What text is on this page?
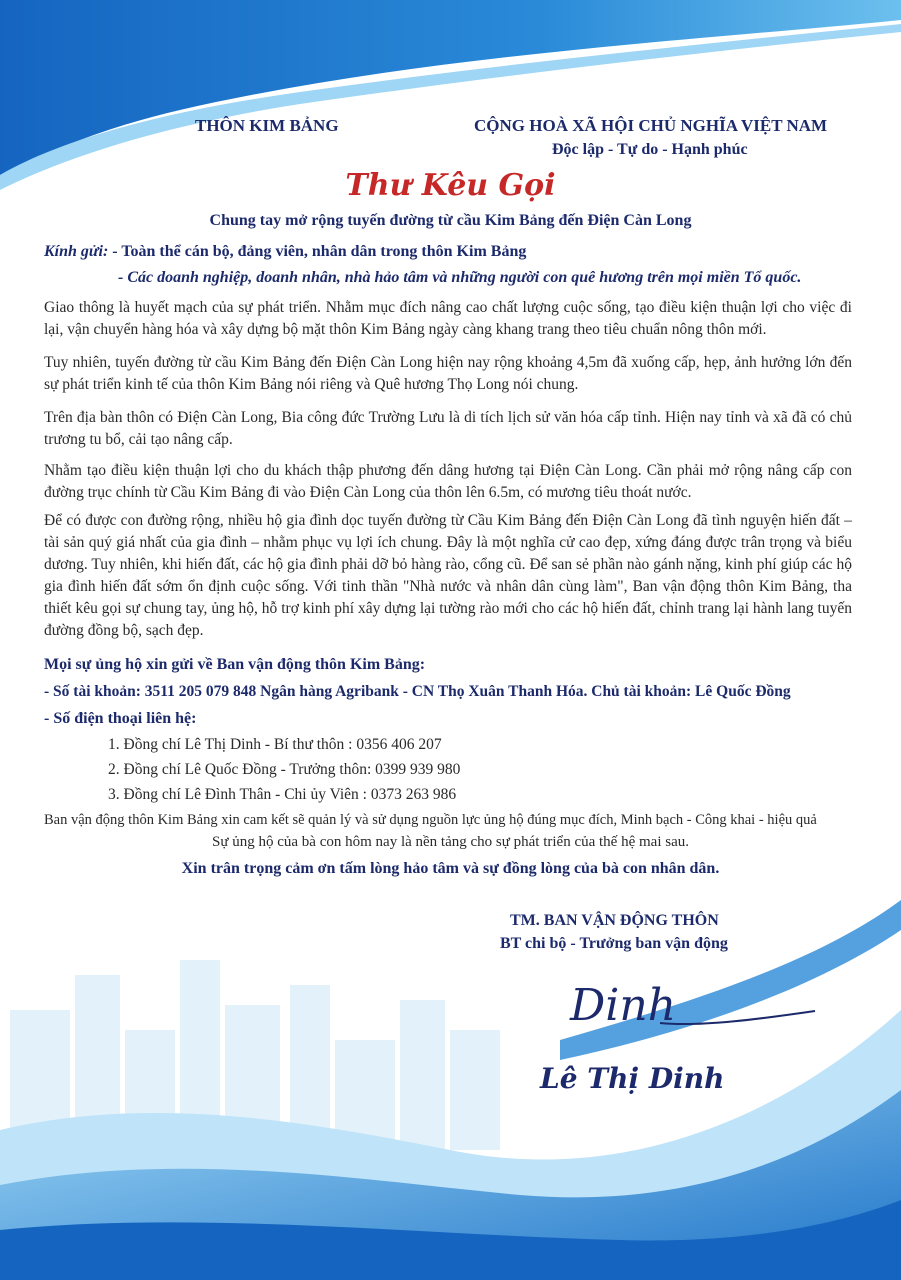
THÔN KIM BẢNG	CỘNG HOÀ XÃ HỘI CHỦ NGHĨA VIỆT NAM
Độc lập - Tự do - Hạnh phúc
Thư Kêu Gọi
Chung tay mở rộng tuyến đường từ cầu Kim Bảng đến Điện Càn Long
Kính gửi: - Toàn thể cán bộ, đảng viên, nhân dân trong thôn Kim Bảng
- Các doanh nghiệp, doanh nhân, nhà hảo tâm và những người con quê hương trên mọi miền Tổ quốc.
Giao thông là huyết mạch của sự phát triển. Nhằm mục đích nâng cao chất lượng cuộc sống, tạo điều kiện thuận lợi cho việc đi lại, vận chuyển hàng hóa và xây dựng bộ mặt thôn Kim Bảng ngày càng khang trang theo tiêu chuẩn nông thôn mới.
Tuy nhiên, tuyến đường từ cầu Kim Bảng đến Điện Càn Long hiện nay rộng khoảng 4,5m đã xuống cấp, hẹp, ảnh hưởng lớn đến sự phát triển kinh tế của thôn Kim Bảng nói riêng và Quê hương Thọ Long nói chung.
Trên địa bàn thôn có Điện Càn Long, Bia công đức Trường Lưu là di tích lịch sử văn hóa cấp tỉnh. Hiện nay tỉnh và xã đã có chủ trương tu bổ, cải tạo nâng cấp.
Nhằm tạo điều kiện thuận lợi cho du khách thập phương đến dâng hương tại Điện Càn Long. Cần phải mở rộng nâng cấp con đường trục chính từ Cầu Kim Bảng đi vào Điện Càn Long của thôn lên 6.5m, có mương tiêu thoát nước.
Để có được con đường rộng, nhiều hộ gia đình dọc tuyến đường từ Cầu Kim Bảng đến Điện Càn Long đã tình nguyện hiến đất – tài sản quý giá nhất của gia đình – nhằm phục vụ lợi ích chung. Đây là một nghĩa cử cao đẹp, xứng đáng được trân trọng và biểu dương. Tuy nhiên, khi hiến đất, các hộ gia đình phải dỡ bỏ hàng rào, cổng cũ. Để san sẻ phần nào gánh nặng, kinh phí giúp các hộ gia đình hiến đất sớm ổn định cuộc sống. Với tinh thần "Nhà nước và nhân dân cùng làm", Ban vận động thôn Kim Bảng, tha thiết kêu gọi sự chung tay, ủng hộ, hỗ trợ kinh phí xây dựng lại tường rào mới cho các hộ hiến đất, chỉnh trang lại hành lang tuyến đường đồng bộ, sạch đẹp.
Mọi sự ủng hộ xin gửi về Ban vận động thôn Kim Bảng:
- Số tài khoản: 3511 205 079 848 Ngân hàng Agribank - CN Thọ Xuân Thanh Hóa. Chủ tài khoản: Lê Quốc Đồng
- Số điện thoại liên hệ:
1. Đồng chí Lê Thị Dinh - Bí thư thôn : 0356 406 207
2. Đồng chí Lê Quốc Đồng - Trưởng thôn: 0399 939 980
3. Đồng chí Lê Đình Thân - Chi ủy Viên : 0373 263 986
Ban vận động thôn Kim Bảng xin cam kết sẽ quản lý và sử dụng nguồn lực ủng hộ đúng mục đích, Minh bạch - Công khai - hiệu quả
Sự ủng hộ của bà con hôm nay là nền tảng cho sự phát triển của thế hệ mai sau.
Xin trân trọng cảm ơn tấm lòng hảo tâm và sự đồng lòng của bà con nhân dân.
TM. BAN VẬN ĐỘNG THÔN
BT chi bộ - Trưởng ban vận động
Dinh
Lê Thị Dinh
